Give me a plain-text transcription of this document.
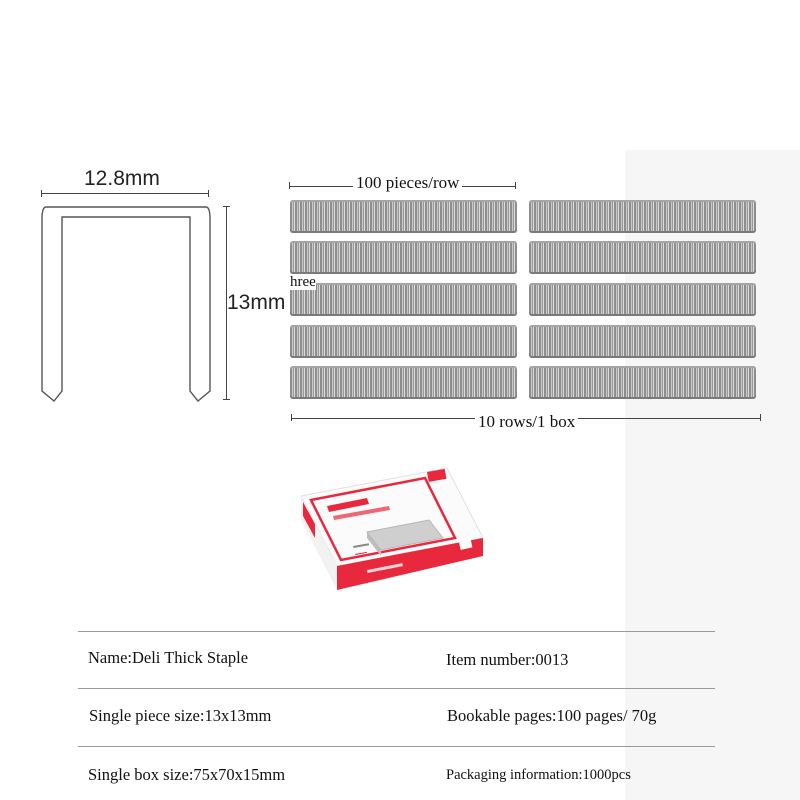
12.8mm
13mm
100 pieces/row
hree
10 rows/1 box
Name:Deli Thick Staple	Item number:0013
Single piece size:13x13mm	Bookable pages:100 pages/ 70g
Single box size:75x70x15mm	Packaging information:1000pcs
